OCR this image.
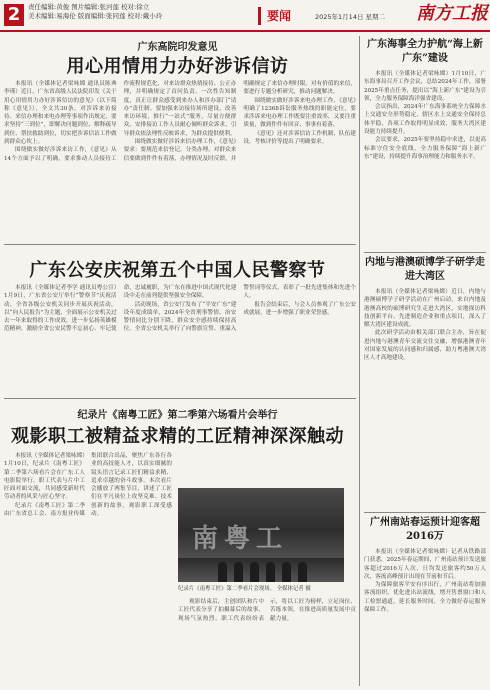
2	责任编辑:黄俊 图片编辑:张河莲 校对:徐立
美术编辑:易海伦 版面编辑:张同莲 校对:戴小玲	要闻	2025年1月14日 星期二	南方工报
广东高院印发意见
用心用情用力办好涉诉信访

本报讯（全媒体记者梁咏嫦 通讯员陈典 李瑾）近日，广东省高级人民法院印发《关于用心用情用力办好涉诉信访的意见》（以下简称《意见》），全文共30条，对涉诉来访接待、来信办理和来电办理等事项作出规定，要求坚持“三到位”，即解决问题到位、解释疏导到位、帮扶救助到位，切实把涉诉信访工作做到群众心坎上。

围绕做实做好涉诉来访工作，《意见》从14个方面予以了明确，要求推动人员接待工作流程规范化，对来访群众热情接待、公正办理，并明确规定了首问负责、一次性告知制度，真正让群众感受到来办人和涉办部门“请办”责任制。要加强来访接待场所建设，改善来访环境，推行“一站式”服务，尽量方便群众，安排接访工作人员耐心倾听群众诉求，引导群众依法理性反映诉求，为群众提供便利。

围绕做实做好涉诉来信办理工作，《意见》要求：要规范来信登记、分类办理，对群众来信要做到件件有着落，办理情况及时反馈，并明确规定了来信办理时限。对有价值的来信，要进行专题分析研究，推动问题解决。

围绕做实做好涉诉来电办理工作，《意见》明确了12368诉讼服务热线的职能定位，要求涉诉来电办理工作既要注重效率，又要注重质量，做到件件有回音、事事有着落。

《意见》还对涉诉信访工作机制、队伍建设、考核评价等提出了明确要求。

广东公安庆祝第五个中国人民警察节

本报讯（全媒体记者李学 通讯员粤公宣）1月9日，广东省公安厅举行“警察节”庆祝活动，全省各级公安机关同步开展庆祝活动，以“向人民报告”为主题，全面展示公安机关过去一年来取得的工作成效，进一步弘扬英雄模范精神，激励全省公安民警不忘初心、牢记使命，忠诚履职，为广东在推进中国式现代化建设中走在前列提供坚强安全保障。

活动现场，省公安厅发布了“平安广东”建设年度成绩单，2024年全省刑事警情、治安警情同比分别下降，群众安全感持续保持高位。全省公安机关举行了向警旗宣誓、重温入警誓词等仪式，表彰了一批先进集体和先进个人。

报告会结束后，与会人员参观了广东公安成就展，进一步增强了职业荣誉感。

纪录片《南粤工匠》第二季第六场看片会举行
观影职工被精益求精的工匠精神深深触动

本报讯（全媒体记者梁咏嫦）1月10日，纪录片《南粤工匠》第二季第六场看片会在广东工人电影院举行，职工代表与片中工匠面对面交流，共同感受新时代劳动者的风采与匠心坚守。

纪录片《南粤工匠》第二季由广东省总工会、南方报业传媒集团联合出品，聚焦广东各行各业的高技能人才，以真实细腻的镜头语言记录工匠们精益求精、追求卓越的奋斗故事。本次看片会播放了两集节目，讲述了工匠们在平凡岗位上攻坚克难、技术创新的故事，观影职工深受感动。

观影结束后，主创团队和片中工匠代表分享了拍摄幕后的故事，现场气氛热烈。职工代表纷纷表示，将以工匠为榜样，立足岗位、苦练本领，在推进高质量发展中贡献力量。

南粤工
纪录片《南粤工匠》第二季看片会现场。 全媒体记者 摄
广东海事全力护航“海上新广东”建设

本报讯（全媒体记者梁咏嫦）1月10日，广东海事局召开工作会议，总结2024年工作，部署2025年重点任务，提出以“海上新广东”建设为引领，全力服务保障海洋强省建设。

会议指出，2024年广东海事系统全力保障水上交通安全形势稳定，辖区水上交通安全保持总体平稳，各项工作取得明显成效，服务大湾区建设能力持续提升。

会议要求，2025年要坚持稳中求进，以更高标准守住安全底线，全力服务保障“海上新广东”建设，持续提升海事治理能力和服务水平。

内地与港澳硕博学子研学走进大湾区

本报讯（全媒体记者梁咏嫦）近日，内地与港澳硕博学子研学活动在广州启动，来自内地及港澳高校的硕博研究生走进大湾区，实地探访科技创新平台、先进制造企业和重点项目，深入了解大湾区建设成就。

此次研学活动由相关部门联合主办，旨在促进内地与港澳青年交流交往交融，增强港澳青年对国家发展的认同感和归属感，助力粤港澳大湾区人才高地建设。

广州南站春运预计迎客超2016万

本报讯（全媒体记者梁咏嫦）记者从铁路部门获悉，2025年春运期间，广州南站预计发送旅客超过2016万人次，日均发送旅客约50万人次，客流高峰预计出现在节前和节后。

为保障旅客平安有序出行，广州南站将加强客流组织，优化进出站流线，增开售票窗口和人工检票通道，延长服务时间，全力做好春运服务保障工作。
